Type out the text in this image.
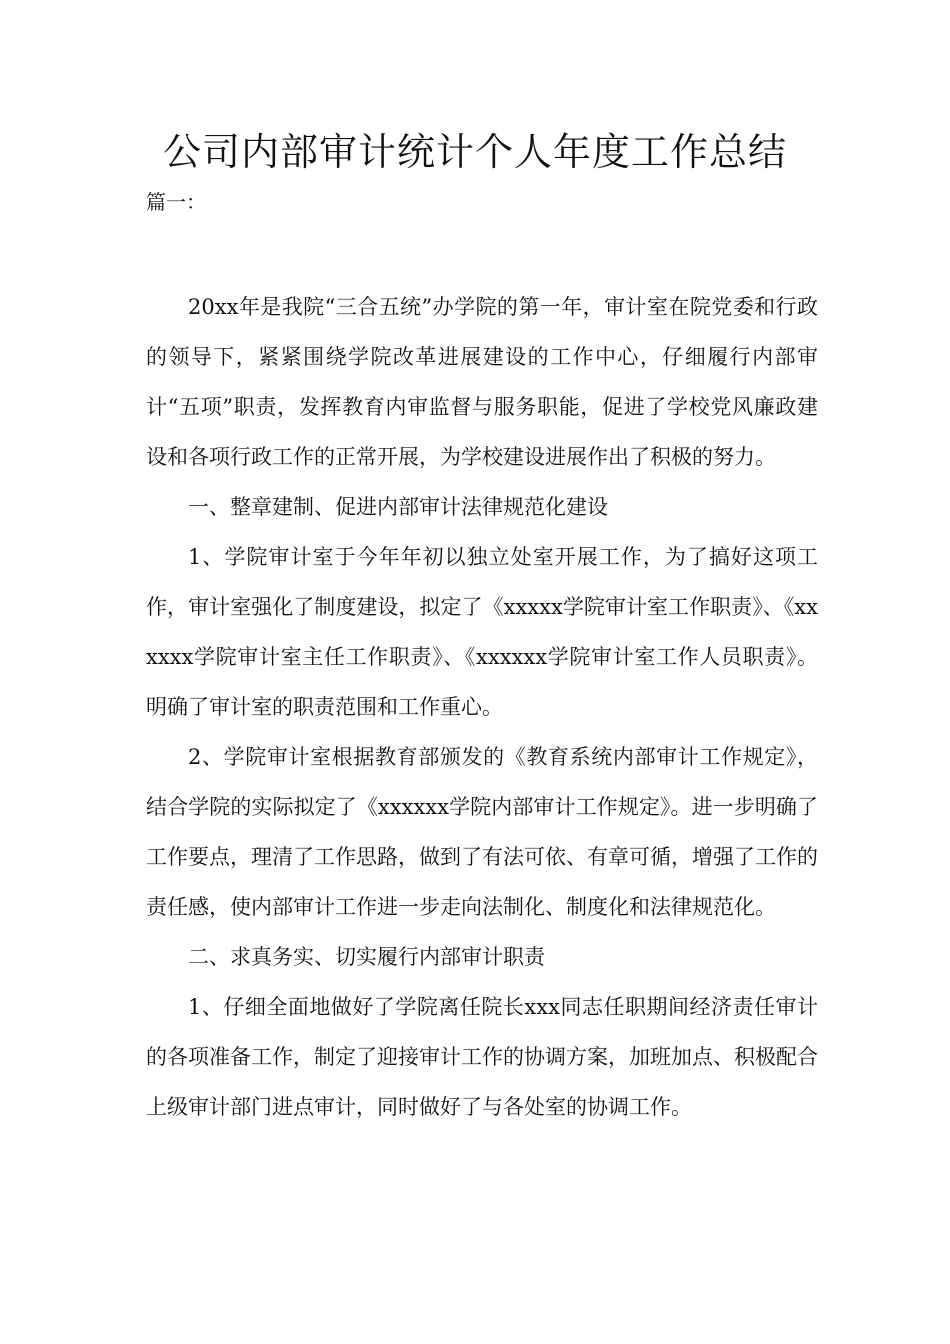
公司内部审计统计个人年度工作总结

篇一：

20xx年是我院“三合五统”办学院的第一年，审计室在院党委和行政的领导下，紧紧围绕学院改革进展建设的工作中心，仔细履行内部审计“五项”职责，发挥教育内审监督与服务职能，促进了学校党风廉政建设和各项行政工作的正常开展，为学校建设进展作出了积极的努力。

一、整章建制、促进内部审计法律规范化建设

1、学院审计室于今年年初以独立处室开展工作，为了搞好这项工作，审计室强化了制度建设，拟定了《xxxxx学院审计室工作职责》、《xxxxxx学院审计室主任工作职责》、《xxxxxx学院审计室工作人员职责》。明确了审计室的职责范围和工作重心。

2、学院审计室根据教育部颁发的《教育系统内部审计工作规定》，结合学院的实际拟定了《xxxxxx学院内部审计工作规定》。进一步明确了工作要点，理清了工作思路，做到了有法可依、有章可循，增强了工作的责任感，使内部审计工作进一步走向法制化、制度化和法律规范化。

二、求真务实、切实履行内部审计职责

1、仔细全面地做好了学院离任院长xxx同志任职期间经济责任审计的各项准备工作，制定了迎接审计工作的协调方案，加班加点、积极配合上级审计部门进点审计，同时做好了与各处室的协调工作。
